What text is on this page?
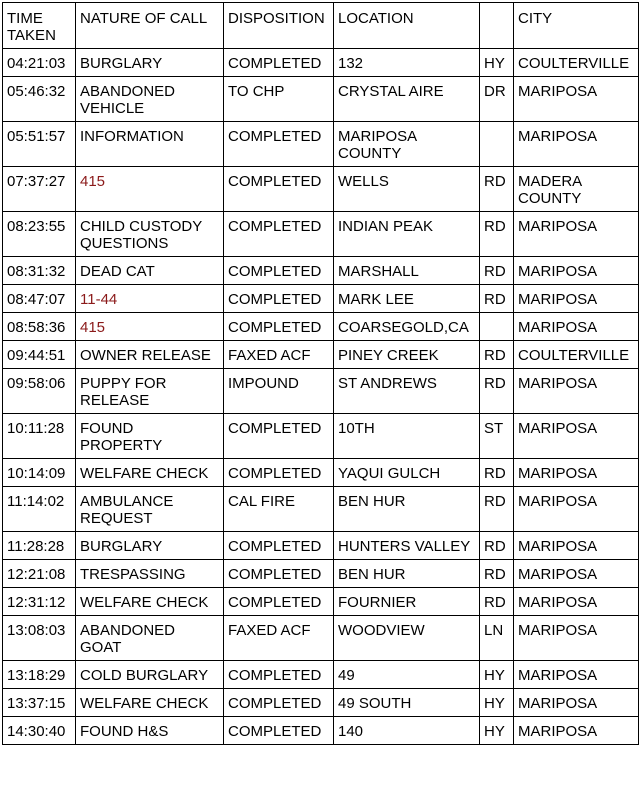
TIME TAKEN	NATURE OF CALL	DISPOSITION	LOCATION		CITY
04:21:03	BURGLARY	COMPLETED	132	HY	COULTERVILLE
05:46:32	ABANDONED VEHICLE	TO CHP	CRYSTAL AIRE	DR	MARIPOSA
05:51:57	INFORMATION	COMPLETED	MARIPOSA COUNTY		MARIPOSA
07:37:27	415	COMPLETED	WELLS	RD	MADERA COUNTY
08:23:55	CHILD CUSTODY QUESTIONS	COMPLETED	INDIAN PEAK	RD	MARIPOSA
08:31:32	DEAD CAT	COMPLETED	MARSHALL	RD	MARIPOSA
08:47:07	11-44	COMPLETED	MARK LEE	RD	MARIPOSA
08:58:36	415	COMPLETED	COARSEGOLD,CA		MARIPOSA
09:44:51	OWNER RELEASE	FAXED ACF	PINEY CREEK	RD	COULTERVILLE
09:58:06	PUPPY FOR RELEASE	IMPOUND	ST ANDREWS	RD	MARIPOSA
10:11:28	FOUND PROPERTY	COMPLETED	10TH	ST	MARIPOSA
10:14:09	WELFARE CHECK	COMPLETED	YAQUI GULCH	RD	MARIPOSA
11:14:02	AMBULANCE REQUEST	CAL FIRE	BEN HUR	RD	MARIPOSA
11:28:28	BURGLARY	COMPLETED	HUNTERS VALLEY	RD	MARIPOSA
12:21:08	TRESPASSING	COMPLETED	BEN HUR	RD	MARIPOSA
12:31:12	WELFARE CHECK	COMPLETED	FOURNIER	RD	MARIPOSA
13:08:03	ABANDONED GOAT	FAXED ACF	WOODVIEW	LN	MARIPOSA
13:18:29	COLD BURGLARY	COMPLETED	49	HY	MARIPOSA
13:37:15	WELFARE CHECK	COMPLETED	49 SOUTH	HY	MARIPOSA
14:30:40	FOUND H&S	COMPLETED	140	HY	MARIPOSA
